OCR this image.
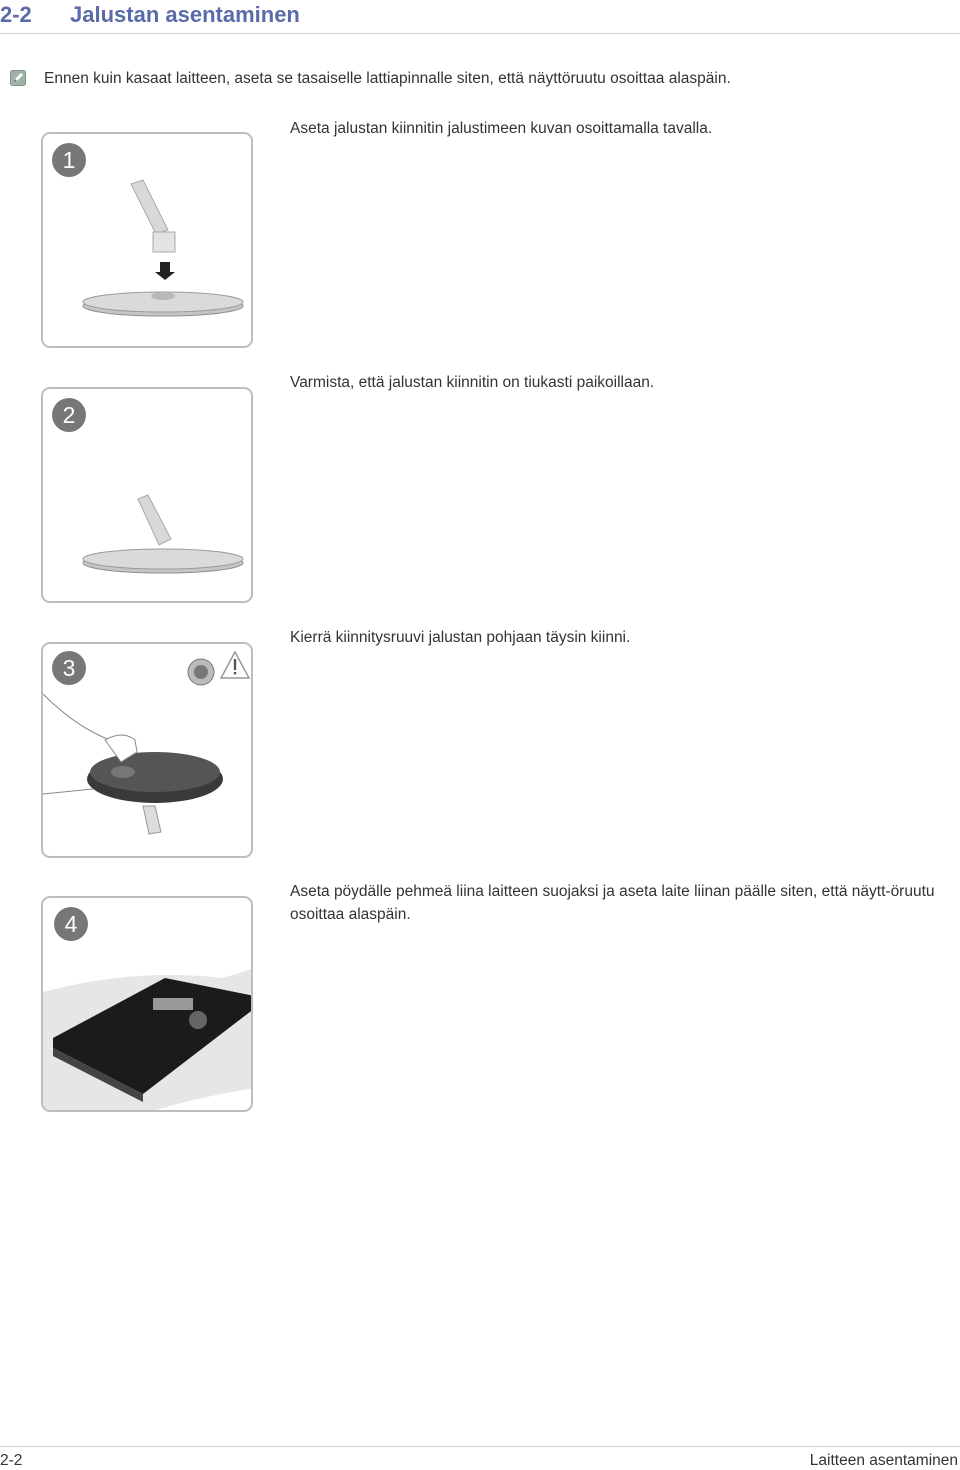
2-2 Jalustan asentaminen
Ennen kuin kasaat laitteen, aseta se tasaiselle lattiapinnalle siten, että näyttöruutu osoittaa alaspäin.
1
Aseta jalustan kiinnitin jalustimeen kuvan osoittamalla tavalla.
2
Varmista, että jalustan kiinnitin on tiukasti paikoillaan.
3
Kierrä kiinnitysruuvi jalustan pohjaan täysin kiinni.
4
Aseta pöydälle pehmeä liina laitteen suojaksi ja aseta laite liinan päälle siten, että näytt-öruutu osoittaa alaspäin.
2-2	Laitteen asentaminen
